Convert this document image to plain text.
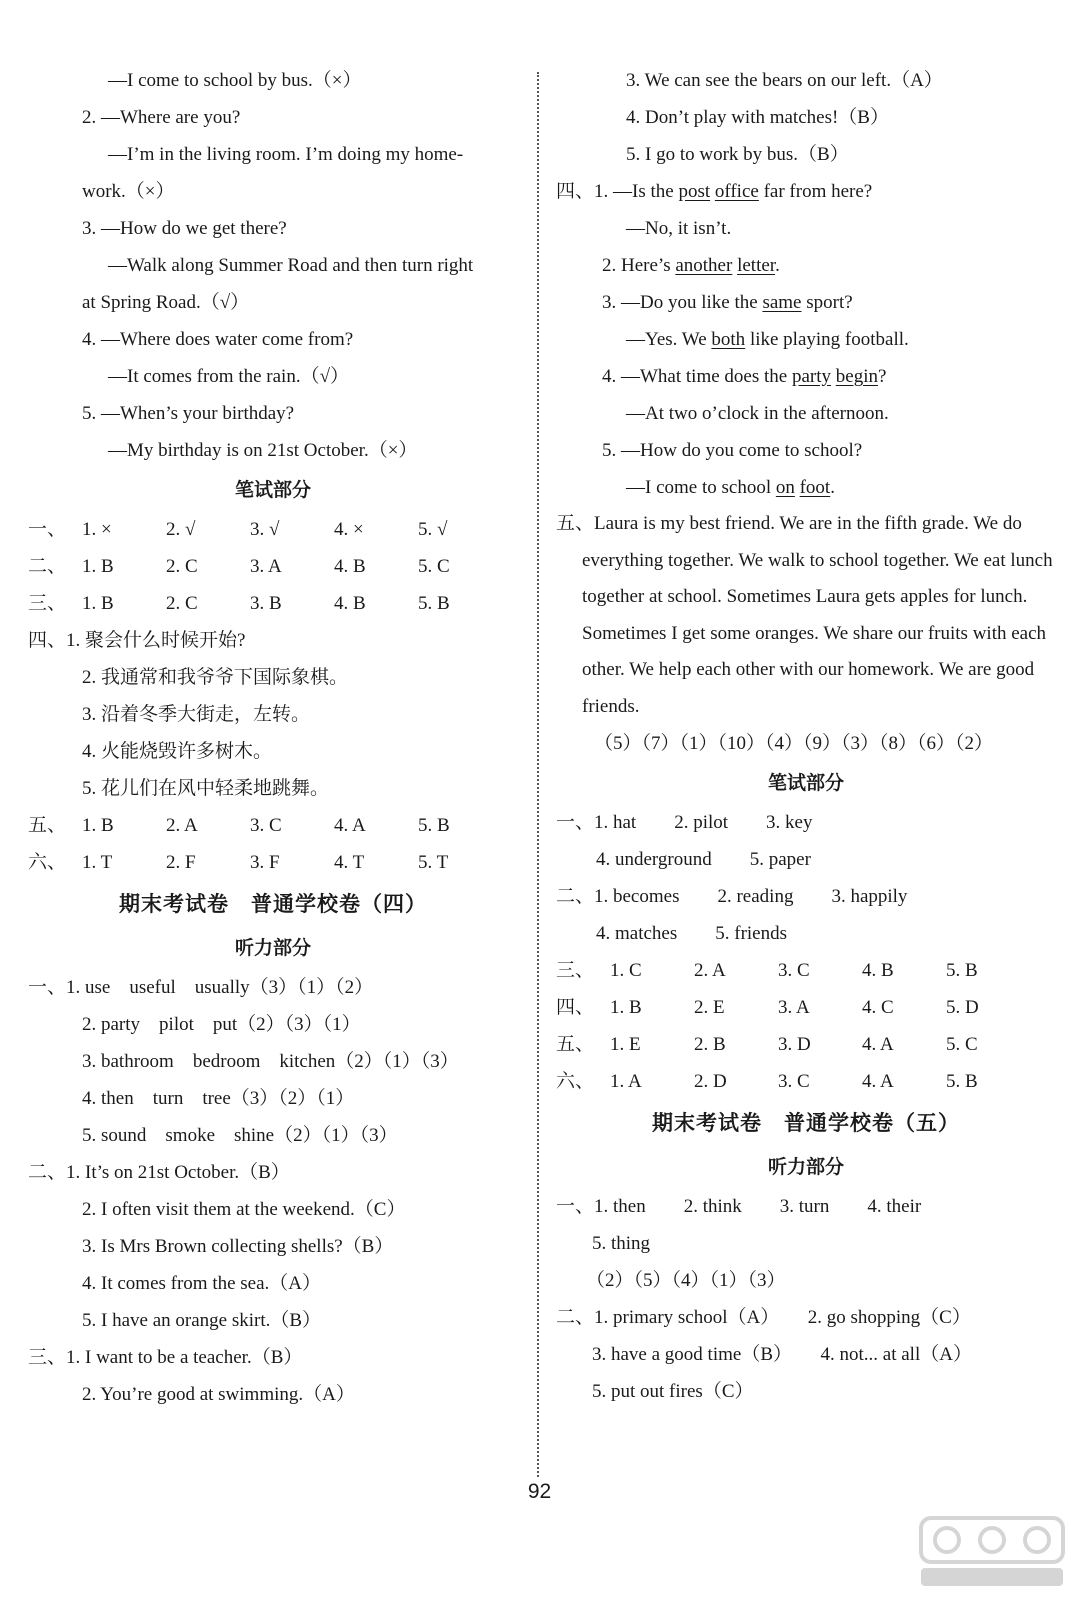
—I come to school by bus.（×）
2. —Where are you?
—I’m in the living room. I’m doing my home-
work.（×）
3. —How do we get there?
—Walk along Summer Road and then turn right
at Spring Road.（√）
4. —Where does water come from?
—It comes from the rain.（√）
5. —When’s your birthday?
—My birthday is on 21st October.（×）
笔试部分
一、 1. ×	2. √	3. √	4. ×	5. √
二、 1. B	2. C	3. A	4. B	5. C
三、 1. B	2. C	3. B	4. B	5. B
四、1. 聚会什么时候开始?
2. 我通常和我爷爷下国际象棋。
3. 沿着冬季大街走，左转。
4. 火能烧毁许多树木。
5. 花儿们在风中轻柔地跳舞。
五、 1. B	2. A	3. C	4. A	5. B
六、 1. T	2. F	3. F	4. T	5. T
期末考试卷　普通学校卷（四）
听力部分
一、1. use　useful　usually（3）（1）（2）
2. party　pilot　put（2）（3）（1）
3. bathroom　bedroom　kitchen（2）（1）（3）
4. then　turn　tree（3）（2）（1）
5. sound　smoke　shine（2）（1）（3）
二、1. It’s on 21st October.（B）
2. I often visit them at the weekend.（C）
3. Is Mrs Brown collecting shells?（B）
4. It comes from the sea.（A）
5. I have an orange skirt.（B）
三、1. I want to be a teacher.（B）
2. You’re good at swimming.（A）
3. We can see the bears on our left.（A）
4. Don’t play with matches!（B）
5. I go to work by bus.（B）
四、1. —Is the post office far from here?
—No, it isn’t.
2. Here’s another letter.
3. —Do you like the same sport?
—Yes. We both like playing football.
4. —What time does the party begin?
—At two o’clock in the afternoon.
5. —How do you come to school?
—I come to school on foot.
五、Laura is my best friend. We are in the fifth grade. We do everything together. We walk to school together. We eat lunch together at school. Sometimes Laura gets apples for lunch. Sometimes I get some oranges. We share our fruits with each other. We help each other with our homework. We are good friends.
（5）（7）（1）（10）（4）（9）（3）（8）（6）（2）
笔试部分
一、1. hat　　2. pilot　　3. key
4. underground　　5. paper
二、1. becomes　　2. reading　　3. happily
4. matches　　5. friends
三、 1. C	2. A	3. C	4. B	5. B
四、 1. B	2. E	3. A	4. C	5. D
五、 1. E	2. B	3. D	4. A	5. C
六、 1. A	2. D	3. C	4. A	5. B
期末考试卷　普通学校卷（五）
听力部分
一、1. then　　2. think　　3. turn　　4. their
5. thing
（2）（5）（4）（1）（3）
二、1. primary school（A）　　2. go shopping（C）
3. have a good time（B）　　4. not... at all（A）
5. put out fires（C）
92
